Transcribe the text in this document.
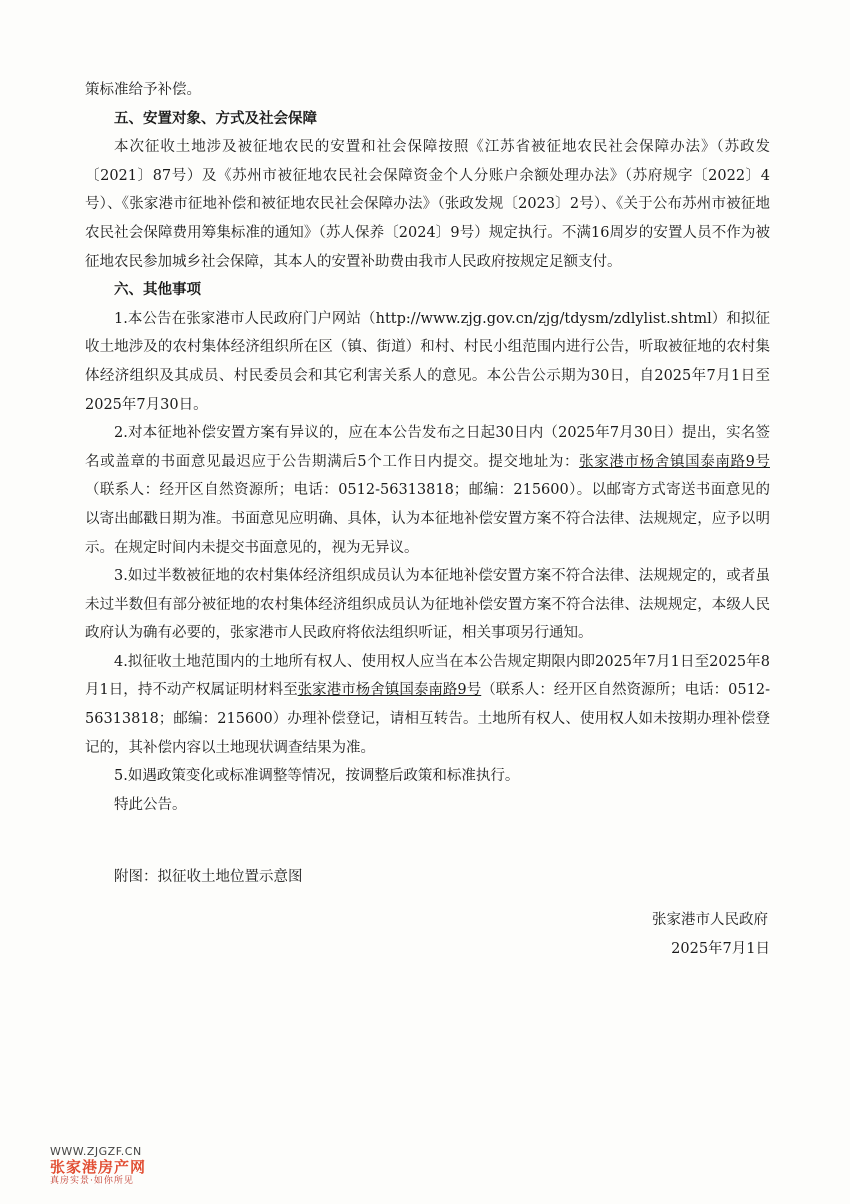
策标准给予补偿。

五、安置对象、方式及社会保障

本次征收土地涉及被征地农民的安置和社会保障按照《江苏省被征地农民社会保障办法》（苏政发〔2021〕87号）及《苏州市被征地农民社会保障资金个人分账户余额处理办法》（苏府规字〔2022〕4号）、《张家港市征地补偿和被征地农民社会保障办法》（张政发规〔2023〕2号）、《关于公布苏州市被征地农民社会保障费用筹集标准的通知》（苏人保养〔2024〕9号）规定执行。不满16周岁的安置人员不作为被征地农民参加城乡社会保障，其本人的安置补助费由我市人民政府按规定足额支付。

六、其他事项

1.本公告在张家港市人民政府门户网站（http://www.zjg.gov.cn/zjg/tdysm/zdlylist.shtml）和拟征收土地涉及的农村集体经济组织所在区（镇、街道）和村、村民小组范围内进行公告，听取被征地的农村集体经济组织及其成员、村民委员会和其它利害关系人的意见。本公告公示期为30日，自2025年7月1日至2025年7月30日。

2.对本征地补偿安置方案有异议的，应在本公告发布之日起30日内（2025年7月30日）提出，实名签名或盖章的书面意见最迟应于公告期满后5个工作日内提交。提交地址为：张家港市杨舍镇国泰南路9号（联系人：经开区自然资源所；电话：0512-56313818；邮编：215600）。以邮寄方式寄送书面意见的以寄出邮戳日期为准。书面意见应明确、具体，认为本征地补偿安置方案不符合法律、法规规定，应予以明示。在规定时间内未提交书面意见的，视为无异议。

3.如过半数被征地的农村集体经济组织成员认为本征地补偿安置方案不符合法律、法规规定的，或者虽未过半数但有部分被征地的农村集体经济组织成员认为征地补偿安置方案不符合法律、法规规定，本级人民政府认为确有必要的，张家港市人民政府将依法组织听证，相关事项另行通知。

4.拟征收土地范围内的土地所有权人、使用权人应当在本公告规定期限内即2025年7月1日至2025年8月1日，持不动产权属证明材料至张家港市杨舍镇国泰南路9号（联系人：经开区自然资源所；电话：0512-56313818；邮编：215600）办理补偿登记，请相互转告。土地所有权人、使用权人如未按期办理补偿登记的，其补偿内容以土地现状调查结果为准。

5.如遇政策变化或标准调整等情况，按调整后政策和标准执行。

特此公告。

附图：拟征收土地位置示意图

张家港市人民政府

2025年7月1日

WWW.ZJGZF.CN
张家港房产网
真房实景·如你所见
